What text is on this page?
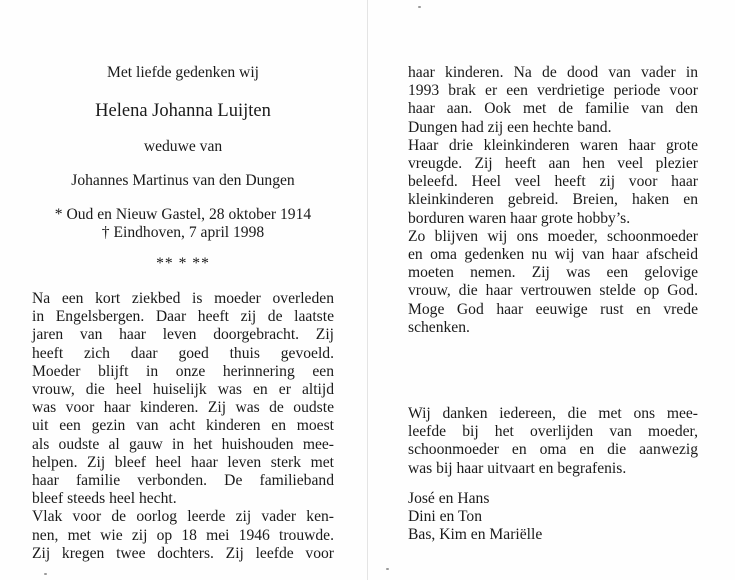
Met liefde gedenken wij
Helena Johanna Luijten
weduwe van
Johannes Martinus van den Dungen
* Oud en Nieuw Gastel, 28 oktober 1914
† Eindhoven, 7 april 1998
** * **
Na een kort ziekbed is moeder overleden
in Engelsbergen. Daar heeft zij de laatste
jaren van haar leven doorgebracht. Zij
heeft zich daar goed thuis gevoeld.
Moeder blijft in onze herinnering een
vrouw, die heel huiselijk was en er altijd
was voor haar kinderen. Zij was de oudste
uit een gezin van acht kinderen en moest
als oudste al gauw in het huishouden mee-
helpen. Zij bleef heel haar leven sterk met
haar familie verbonden. De familieband
bleef steeds heel hecht.
Vlak voor de oorlog leerde zij vader ken-
nen, met wie zij op 18 mei 1946 trouwde.
Zij kregen twee dochters. Zij leefde voor
haar kinderen. Na de dood van vader in
1993 brak er een verdrietige periode voor
haar aan. Ook met de familie van den
Dungen had zij een hechte band.
Haar drie kleinkinderen waren haar grote
vreugde. Zij heeft aan hen veel plezier
beleefd. Heel veel heeft zij voor haar
kleinkinderen gebreid. Breien, haken en
borduren waren haar grote hobby’s.
Zo blijven wij ons moeder, schoonmoeder
en oma gedenken nu wij van haar afscheid
moeten nemen. Zij was een gelovige
vrouw, die haar vertrouwen stelde op God.
Moge God haar eeuwige rust en vrede
schenken.
Wij danken iedereen, die met ons mee-
leefde bij het overlijden van moeder,
schoonmoeder en oma en die aanwezig
was bij haar uitvaart en begrafenis.
José en Hans
Dini en Ton
Bas, Kim en Mariëlle
